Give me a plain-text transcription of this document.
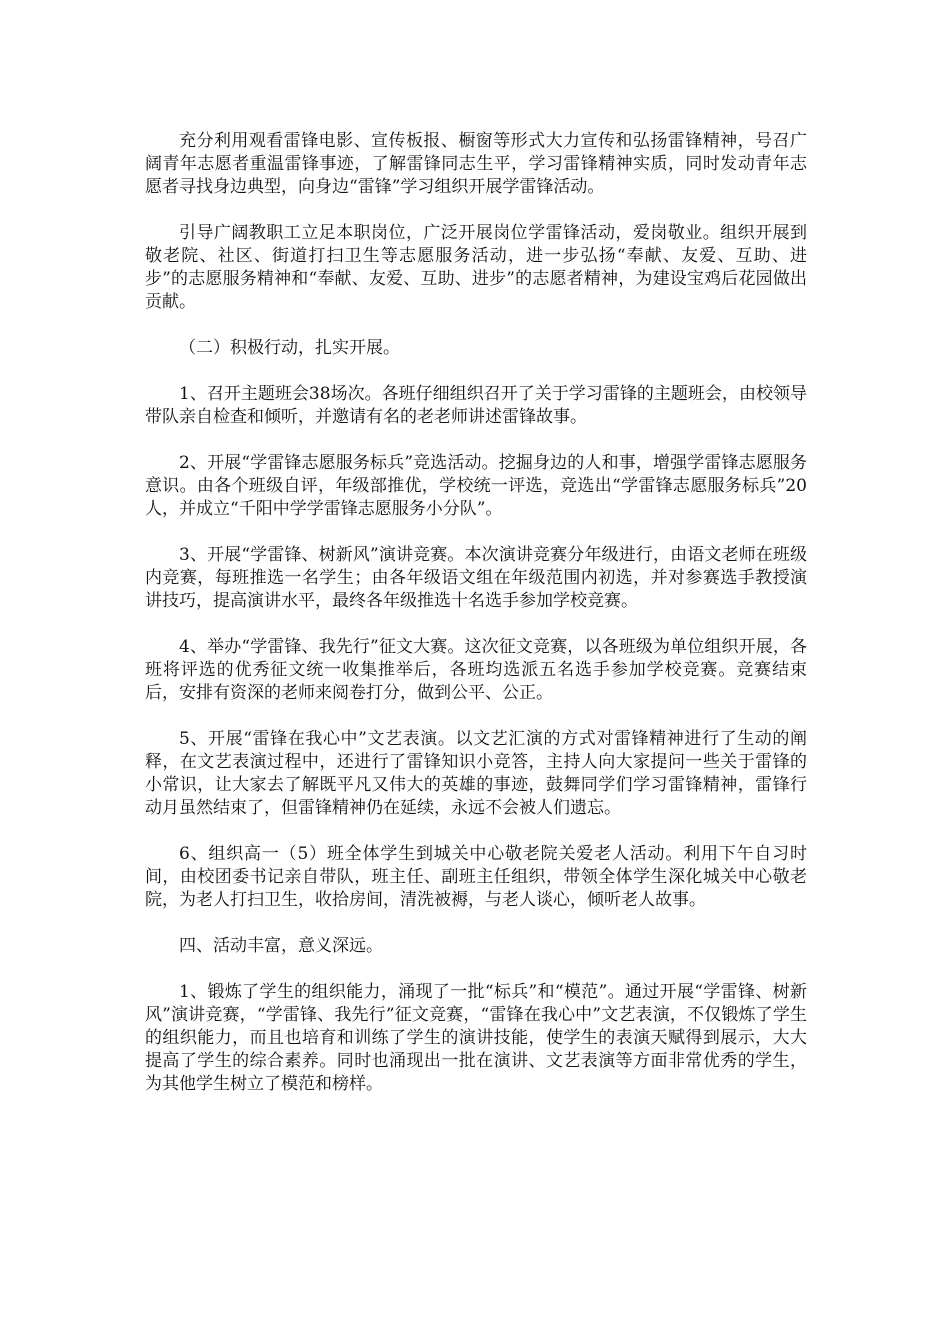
充分利用观看雷锋电影、宣传板报、橱窗等形式大力宣传和弘扬雷锋精神，号召广阔青年志愿者重温雷锋事迹，了解雷锋同志生平，学习雷锋精神实质，同时发动青年志愿者寻找身边典型，向身边“雷锋”学习组织开展学雷锋活动。

引导广阔教职工立足本职岗位，广泛开展岗位学雷锋活动，爱岗敬业。组织开展到敬老院、社区、街道打扫卫生等志愿服务活动，进一步弘扬“奉献、友爱、互助、进步”的志愿服务精神和“奉献、友爱、互助、进步”的志愿者精神，为建设宝鸡后花园做出贡献。

（二）积极行动，扎实开展。

1、召开主题班会38场次。各班仔细组织召开了关于学习雷锋的主题班会，由校领导带队亲自检查和倾听，并邀请有名的老老师讲述雷锋故事。

2、开展“学雷锋志愿服务标兵”竞选活动。挖掘身边的人和事，增强学雷锋志愿服务意识。由各个班级自评，年级部推优，学校统一评选，竞选出“学雷锋志愿服务标兵”20人，并成立“千阳中学学雷锋志愿服务小分队”。

3、开展“学雷锋、树新风”演讲竞赛。本次演讲竞赛分年级进行，由语文老师在班级内竞赛，每班推选一名学生；由各年级语文组在年级范围内初选，并对参赛选手教授演讲技巧，提高演讲水平，最终各年级推选十名选手参加学校竞赛。

4、举办“学雷锋、我先行”征文大赛。这次征文竞赛，以各班级为单位组织开展，各班将评选的优秀征文统一收集推举后，各班均选派五名选手参加学校竞赛。竞赛结束后，安排有资深的老师来阅卷打分，做到公平、公正。

5、开展“雷锋在我心中”文艺表演。以文艺汇演的方式对雷锋精神进行了生动的阐释，在文艺表演过程中，还进行了雷锋知识小竞答，主持人向大家提问一些关于雷锋的小常识，让大家去了解既平凡又伟大的英雄的事迹，鼓舞同学们学习雷锋精神，雷锋行动月虽然结束了，但雷锋精神仍在延续，永远不会被人们遗忘。

6、组织高一（5）班全体学生到城关中心敬老院关爱老人活动。利用下午自习时间，由校团委书记亲自带队，班主任、副班主任组织，带领全体学生深化城关中心敬老院，为老人打扫卫生，收拾房间，清洗被褥，与老人谈心，倾听老人故事。

四、活动丰富，意义深远。

1、锻炼了学生的组织能力，涌现了一批“标兵”和“模范”。通过开展“学雷锋、树新风”演讲竞赛，“学雷锋、我先行”征文竞赛，“雷锋在我心中”文艺表演，不仅锻炼了学生的组织能力，而且也培育和训练了学生的演讲技能，使学生的表演天赋得到展示，大大提高了学生的综合素养。同时也涌现出一批在演讲、文艺表演等方面非常优秀的学生，为其他学生树立了模范和榜样。
